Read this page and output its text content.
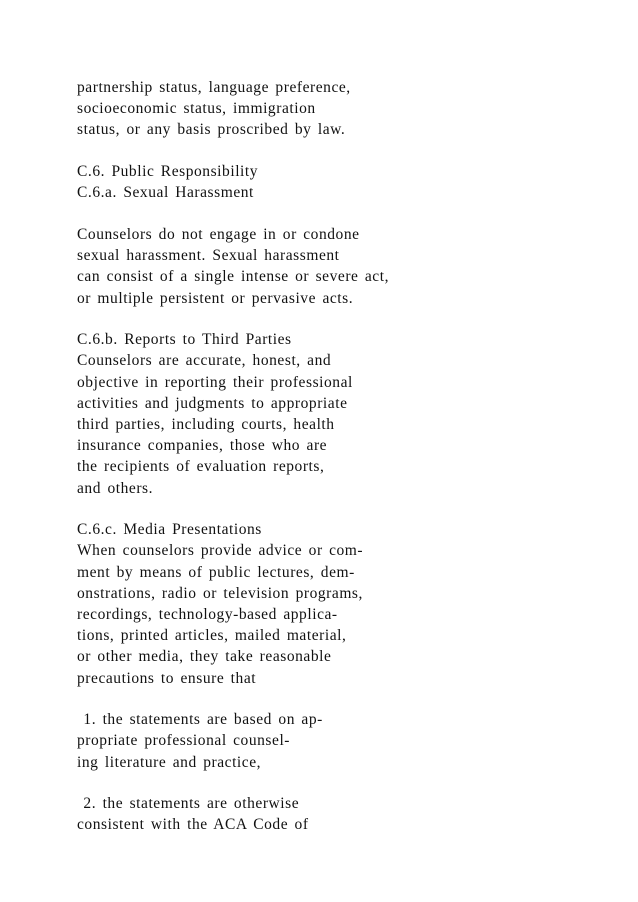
partnership status, language preference,
socioeconomic status, immigration
status, or any basis proscribed by law.
C.6. Public Responsibility
C.6.a. Sexual Harassment
Counselors do not engage in or condone
sexual harassment. Sexual harassment
can consist of a single intense or severe act,
or multiple persistent or pervasive acts.
C.6.b. Reports to Third Parties
Counselors are accurate, honest, and
objective in reporting their professional
activities and judgments to appropriate
third parties, including courts, health
insurance companies, those who are
the recipients of evaluation reports,
and others.
C.6.c. Media Presentations
When counselors provide advice or com-
ment by means of public lectures, dem-
onstrations, radio or television programs,
recordings, technology-based applica-
tions, printed articles, mailed material,
or other media, they take reasonable
precautions to ensure that
1. the statements are based on ap-
propriate professional counsel-
ing literature and practice,
2. the statements are otherwise
consistent with the ACA Code of
